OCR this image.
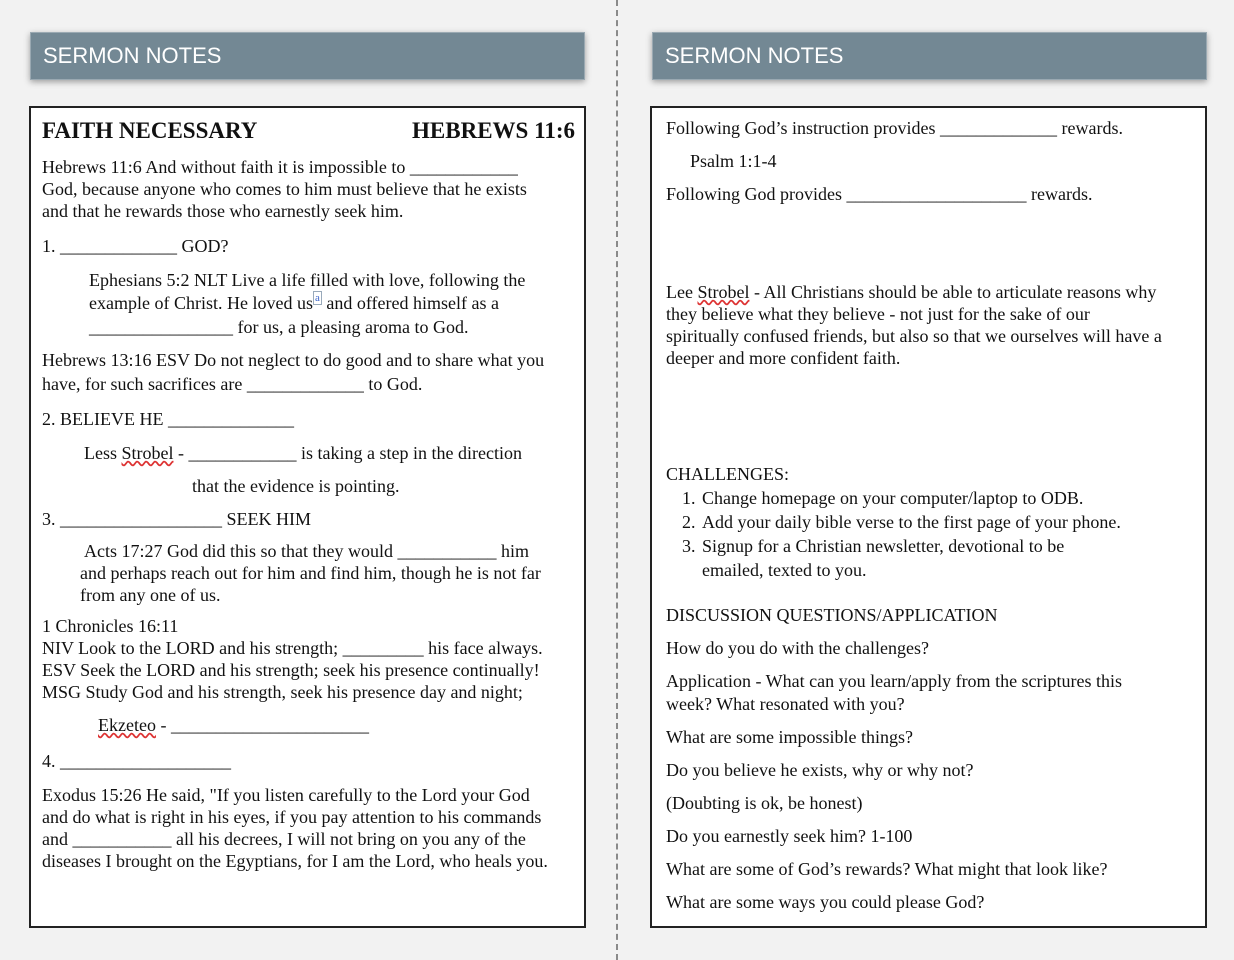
SERMON NOTES	SERMON NOTES
FAITH NECESSARY	HEBREWS 11:6
Hebrews 11:6 And without faith it is impossible to ____________
God, because anyone who comes to him must believe that he exists
and that he rewards those who earnestly seek him.
1. _____________ GOD?
Ephesians 5:2 NLT Live a life filled with love, following the
example of Christ. He loved us $^a$ and offered himself as a
________________ for us, a pleasing aroma to God.
Hebrews 13:16 ESV Do not neglect to do good and to share what you
have, for such sacrifices are _____________ to God.
2. BELIEVE HE ______________
Less Strobel - ____________ is taking a step in the direction
that the evidence is pointing.
3. __________________ SEEK HIM
Acts 17:27 God did this so that they would ___________ him
and perhaps reach out for him and find him, though he is not far
from any one of us.
1 Chronicles 16:11
NIV Look to the LORD and his strength; _________ his face always.
ESV Seek the LORD and his strength; seek his presence continually!
MSG Study God and his strength, seek his presence day and night;
Ekzeteo - ______________________
4. ___________________
Exodus 15:26 He said, "If you listen carefully to the Lord your God
and do what is right in his eyes, if you pay attention to his commands
and ___________ all his decrees, I will not bring on you any of the
diseases I brought on the Egyptians, for I am the Lord, who heals you.
Following God’s instruction provides _____________ rewards.
Psalm 1:1-4
Following God provides ____________________ rewards.
Lee Strobel - All Christians should be able to articulate reasons why
they believe what they believe - not just for the sake of our
spiritually confused friends, but also so that we ourselves will have a
deeper and more confident faith.
CHALLENGES:
1. Change homepage on your computer/laptop to ODB.
2. Add your daily bible verse to the first page of your phone.
3. Signup for a Christian newsletter, devotional to be emailed, texted to you.
DISCUSSION QUESTIONS/APPLICATION
How do you do with the challenges?
Application - What can you learn/apply from the scriptures this
week? What resonated with you?
What are some impossible things?
Do you believe he exists, why or why not?
(Doubting is ok, be honest)
Do you earnestly seek him? 1-100
What are some of God’s rewards? What might that look like?
What are some ways you could please God?
